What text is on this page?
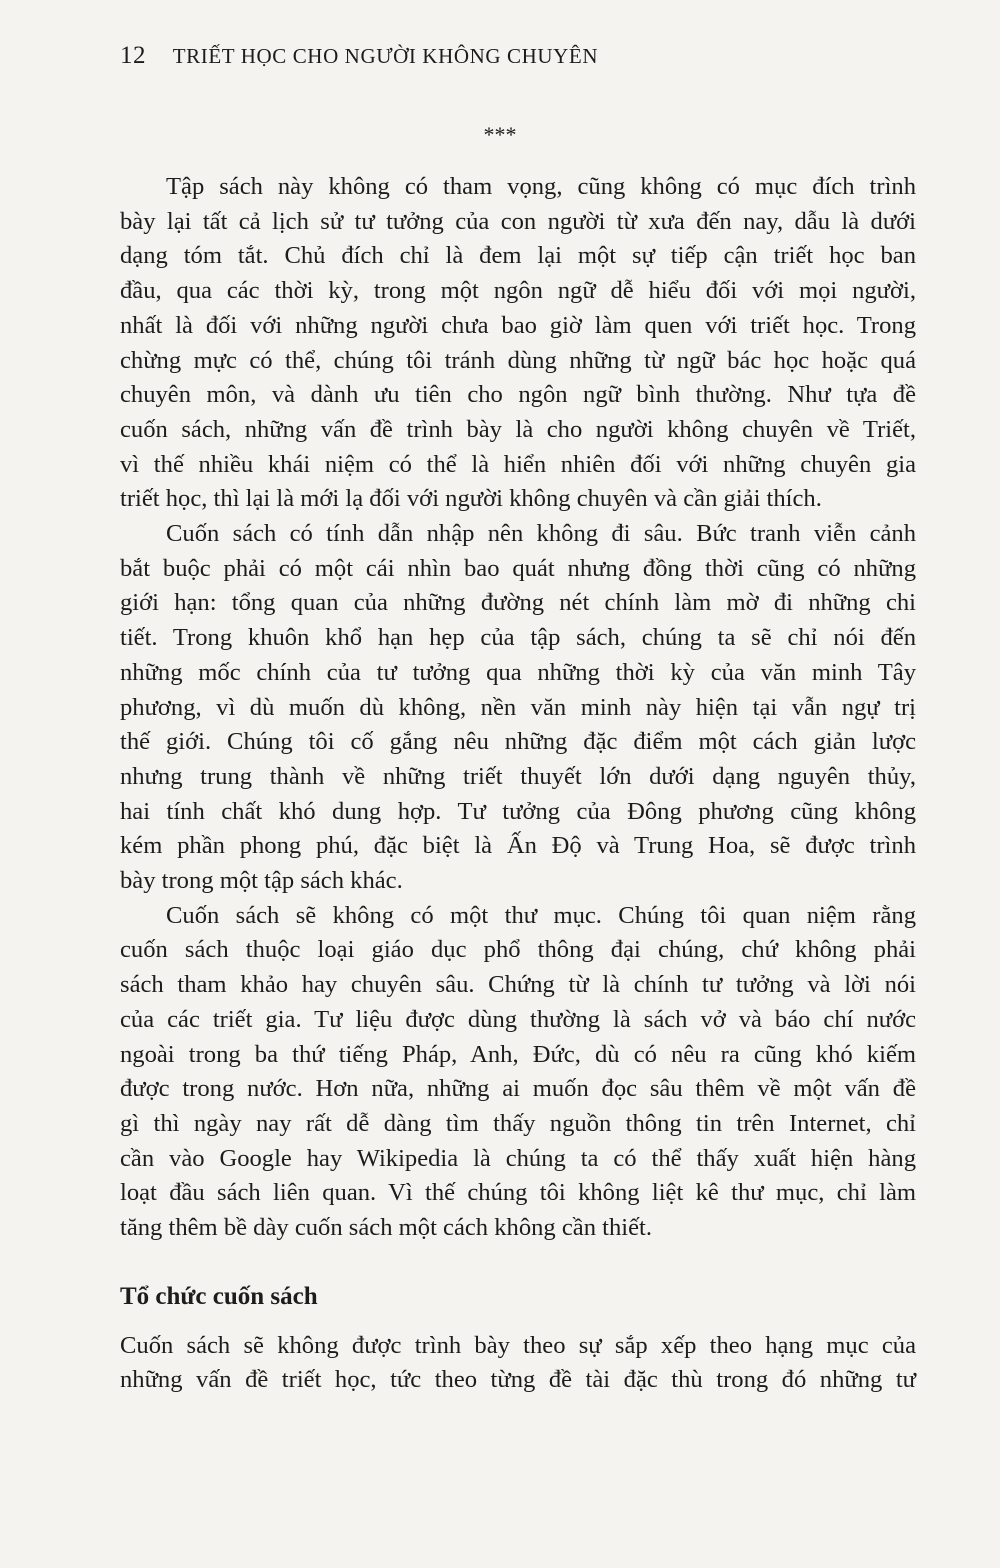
12 TRIẾT HỌC CHO NGƯỜI KHÔNG CHUYÊN
***
Tập sách này không có tham vọng, cũng không có mục đích trình
bày lại tất cả lịch sử tư tưởng của con người từ xưa đến nay, dẫu là dưới
dạng tóm tắt. Chủ đích chỉ là đem lại một sự tiếp cận triết học ban
đầu, qua các thời kỳ, trong một ngôn ngữ dễ hiểu đối với mọi người,
nhất là đối với những người chưa bao giờ làm quen với triết học. Trong
chừng mực có thể, chúng tôi tránh dùng những từ ngữ bác học hoặc quá
chuyên môn, và dành ưu tiên cho ngôn ngữ bình thường. Như tựa đề
cuốn sách, những vấn đề trình bày là cho người không chuyên về Triết,
vì thế nhiều khái niệm có thể là hiển nhiên đối với những chuyên gia
triết học, thì lại là mới lạ đối với người không chuyên và cần giải thích.
Cuốn sách có tính dẫn nhập nên không đi sâu. Bức tranh viễn cảnh
bắt buộc phải có một cái nhìn bao quát nhưng đồng thời cũng có những
giới hạn: tổng quan của những đường nét chính làm mờ đi những chi
tiết. Trong khuôn khổ hạn hẹp của tập sách, chúng ta sẽ chỉ nói đến
những mốc chính của tư tưởng qua những thời kỳ của văn minh Tây
phương, vì dù muốn dù không, nền văn minh này hiện tại vẫn ngự trị
thế giới. Chúng tôi cố gắng nêu những đặc điểm một cách giản lược
nhưng trung thành về những triết thuyết lớn dưới dạng nguyên thủy,
hai tính chất khó dung hợp. Tư tưởng của Đông phương cũng không
kém phần phong phú, đặc biệt là Ấn Độ và Trung Hoa, sẽ được trình
bày trong một tập sách khác.
Cuốn sách sẽ không có một thư mục. Chúng tôi quan niệm rằng
cuốn sách thuộc loại giáo dục phổ thông đại chúng, chứ không phải
sách tham khảo hay chuyên sâu. Chứng từ là chính tư tưởng và lời nói
của các triết gia. Tư liệu được dùng thường là sách vở và báo chí nước
ngoài trong ba thứ tiếng Pháp, Anh, Đức, dù có nêu ra cũng khó kiếm
được trong nước. Hơn nữa, những ai muốn đọc sâu thêm về một vấn đề
gì thì ngày nay rất dễ dàng tìm thấy nguồn thông tin trên Internet, chỉ
cần vào Google hay Wikipedia là chúng ta có thể thấy xuất hiện hàng
loạt đầu sách liên quan. Vì thế chúng tôi không liệt kê thư mục, chỉ làm
tăng thêm bề dày cuốn sách một cách không cần thiết.
Tổ chức cuốn sách
Cuốn sách sẽ không được trình bày theo sự sắp xếp theo hạng mục của
những vấn đề triết học, tức theo từng đề tài đặc thù trong đó những tư
